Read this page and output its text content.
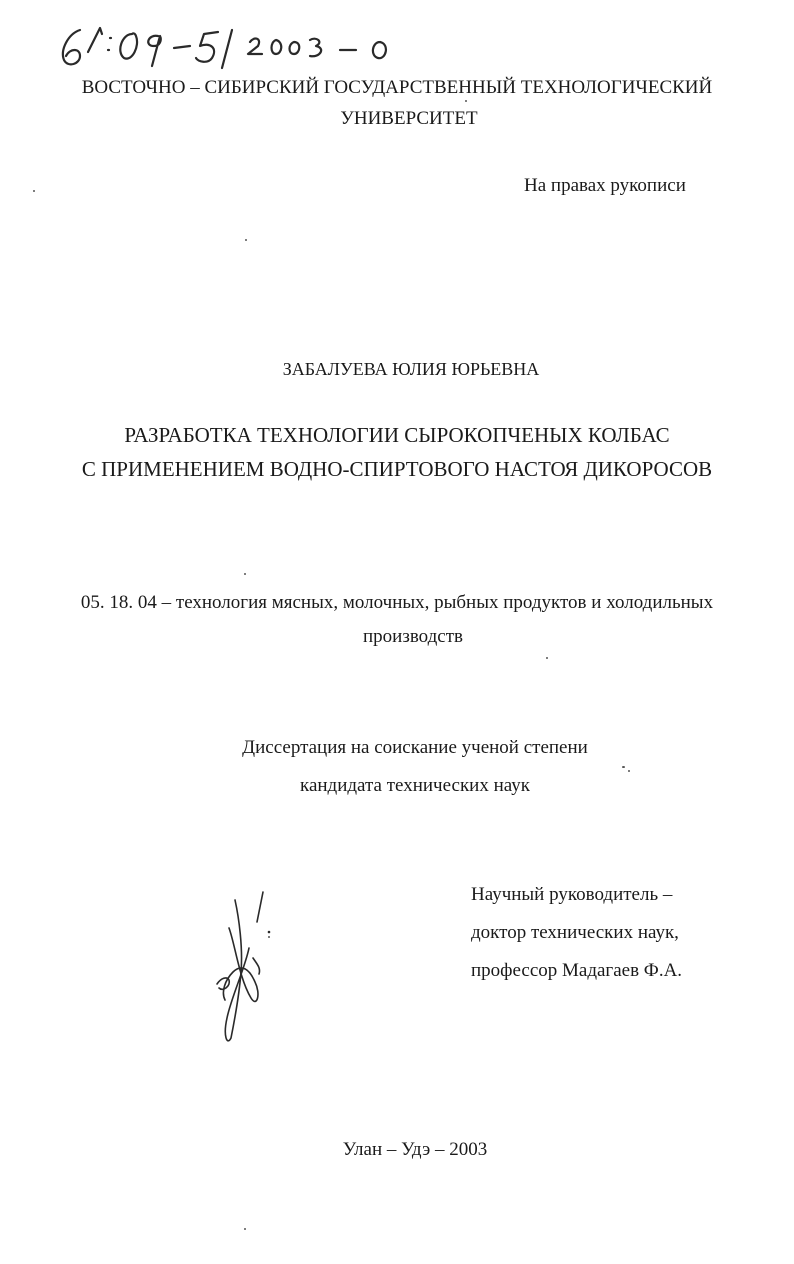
ВОСТОЧНО – СИБИРСКИЙ ГОСУДАРСТВЕННЫЙ ТЕХНОЛОГИЧЕСКИЙ
УНИВЕРСИТЕТ
На правах рукописи
ЗАБАЛУЕВА ЮЛИЯ ЮРЬЕВНА
РАЗРАБОТКА ТЕХНОЛОГИИ СЫРОКОПЧЕНЫХ КОЛБАС
С ПРИМЕНЕНИЕМ ВОДНО-СПИРТОВОГО НАСТОЯ ДИКОРОСОВ
05. 18. 04 – технология мясных, молочных, рыбных продуктов и холодильных
производств
Диссертация на соискание ученой степени
кандидата технических наук
Научный руководитель –
доктор технических наук,
профессор Мадагаев Ф.А.
Улан – Удэ – 2003
